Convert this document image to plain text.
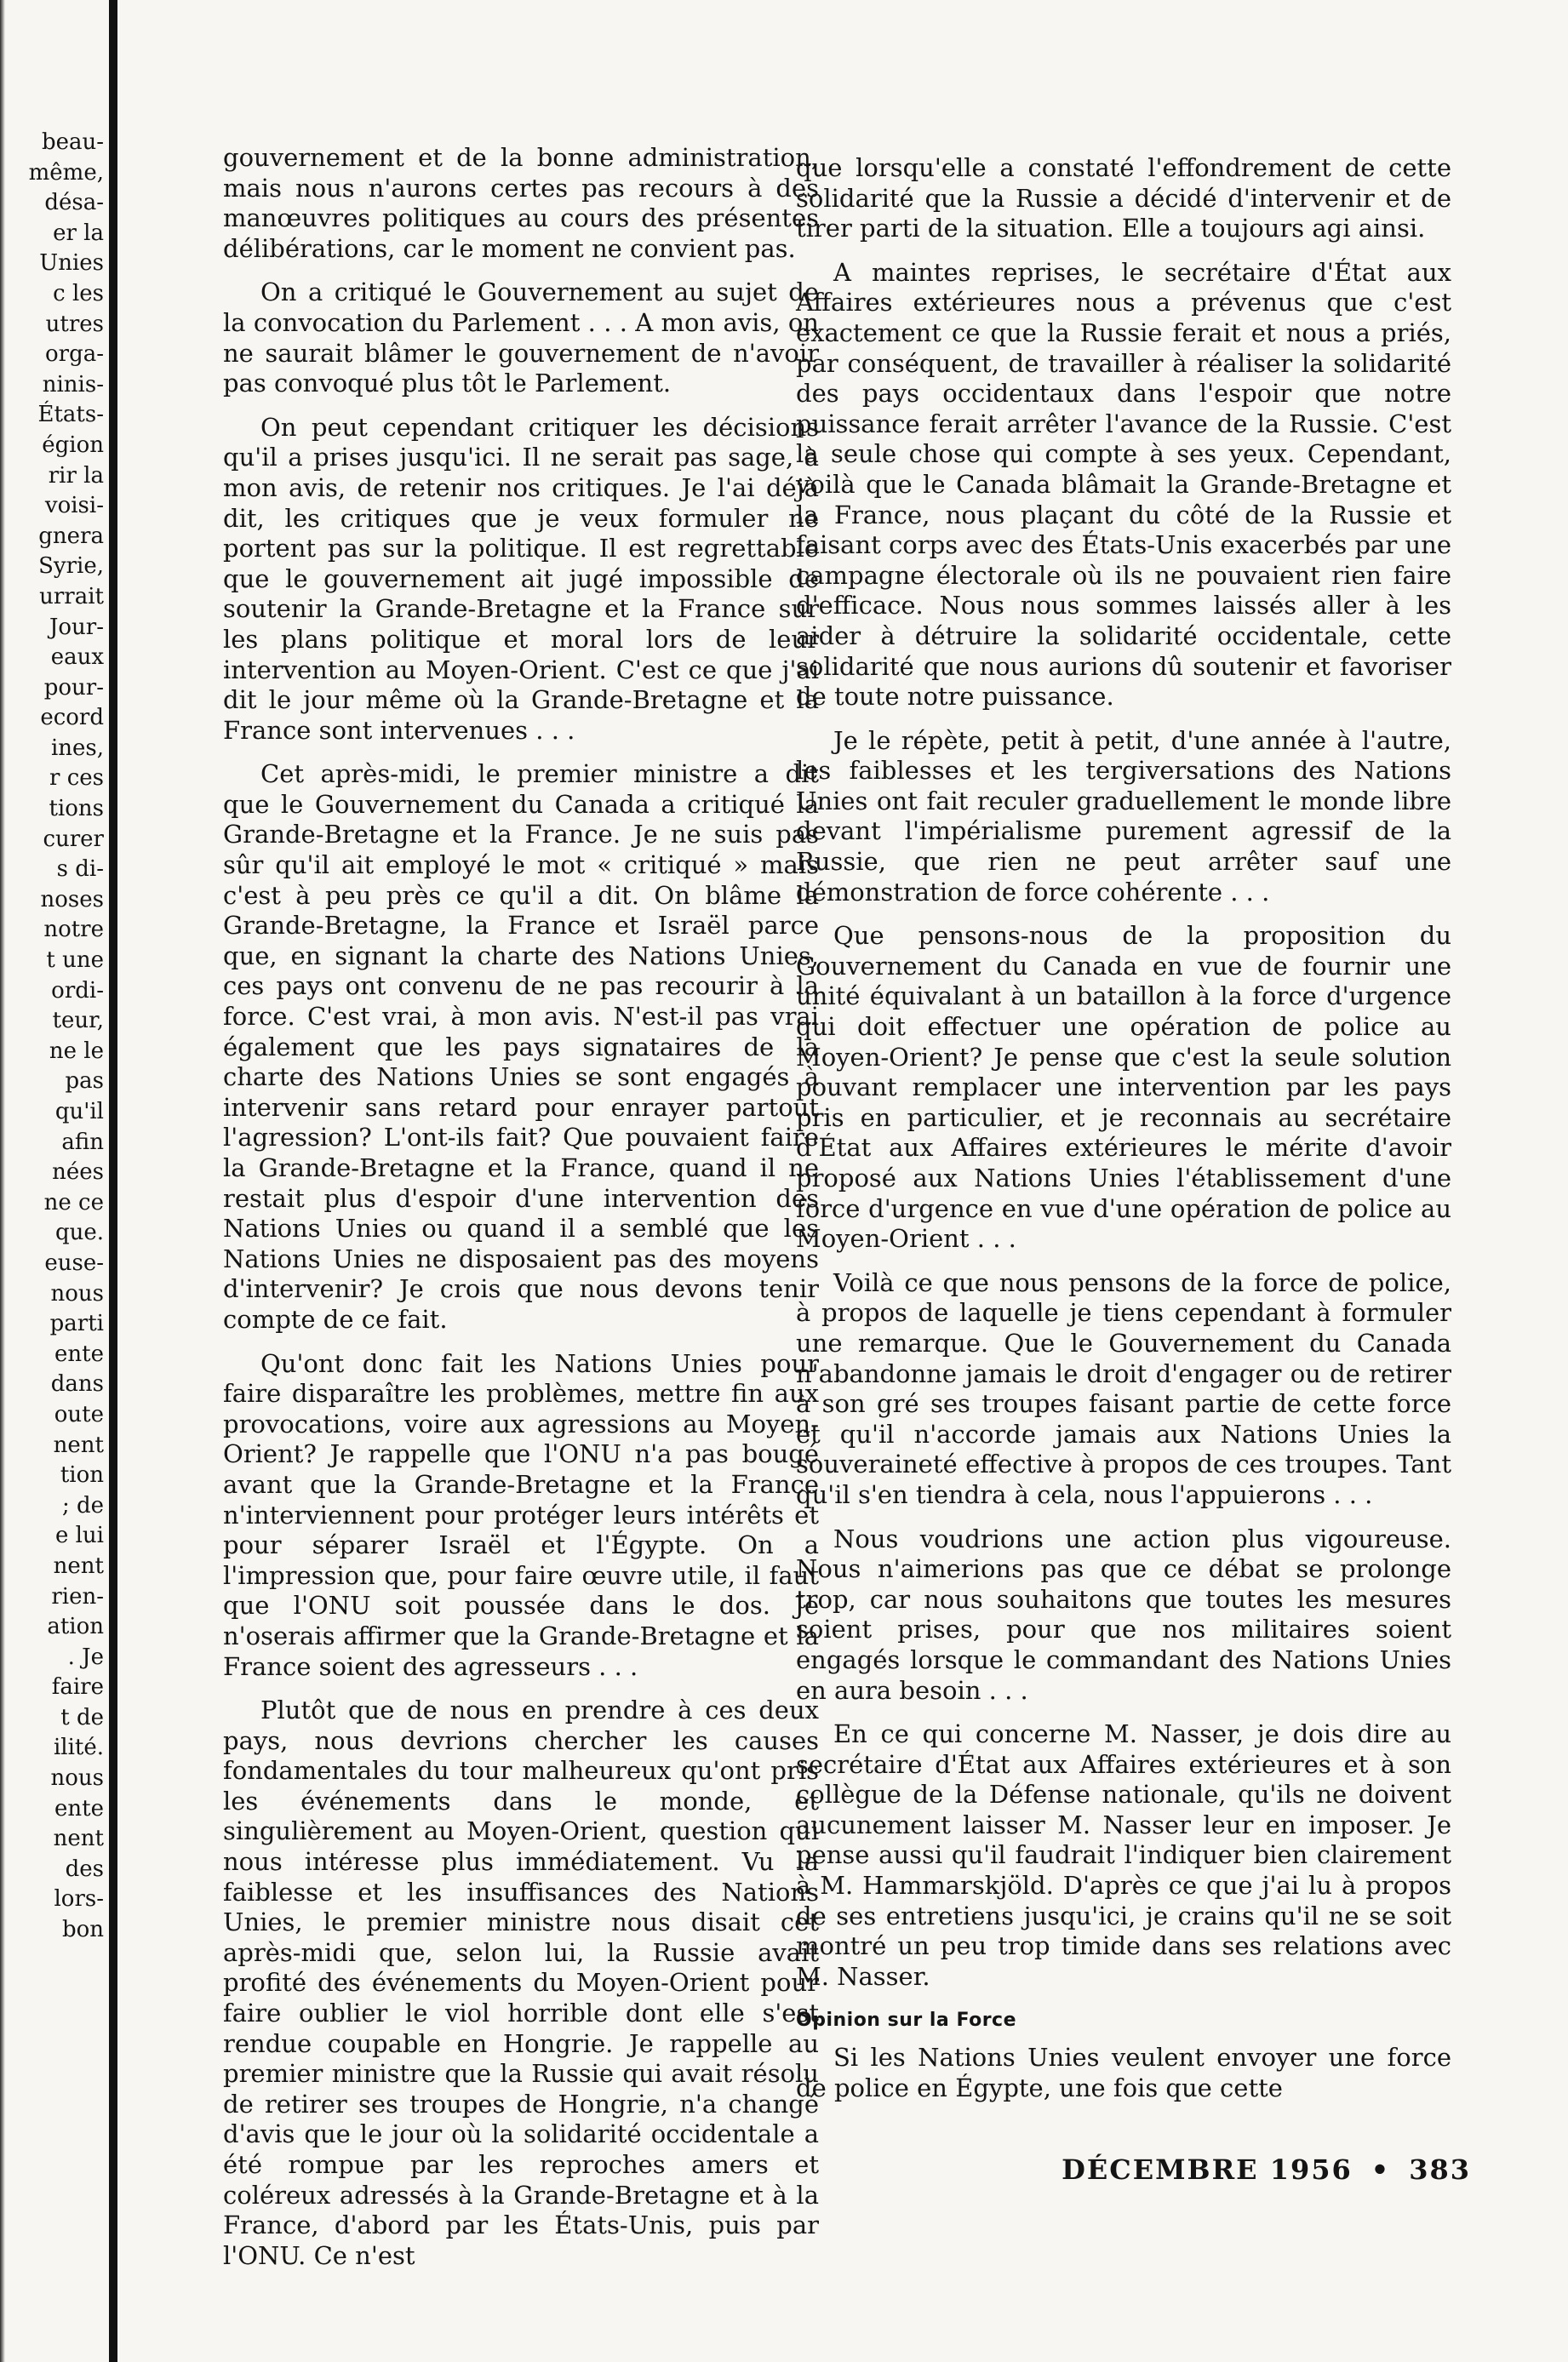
beau-
même,
désa-
er la
Unies
c les
utres
orga-
ninis-
États-
égion
rir la
voisi-
gnera
Syrie,
urrait
Jour-
eaux
pour-
ecord
ines,
r ces
tions
curer
s di-
noses
notre
t une
ordi-
teur,
ne le
pas
qu'il
afin
nées
ne ce
que.
euse-
nous
parti
ente
dans
oute
nent
tion
; de
e lui
nent
rien-
ation
. Je
faire
t de
ilité.
nous
ente
nent
des
lors-
bon

gouvernement et de la bonne administration, mais nous n'aurons certes pas recours à des manœuvres politiques au cours des présentes délibérations, car le moment ne convient pas.

On a critiqué le Gouvernement au sujet de la convocation du Parlement . . . A mon avis, on ne saurait blâmer le gouvernement de n'avoir pas convoqué plus tôt le Parlement.

On peut cependant critiquer les décisions qu'il a prises jusqu'ici. Il ne serait pas sage, à mon avis, de retenir nos critiques. Je l'ai déjà dit, les critiques que je veux formuler ne portent pas sur la politique. Il est regrettable que le gouvernement ait jugé impossible de soutenir la Grande-Bretagne et la France sur les plans politique et moral lors de leur intervention au Moyen-Orient. C'est ce que j'ai dit le jour même où la Grande-Bretagne et la France sont intervenues . . .

Cet après-midi, le premier ministre a dit que le Gouvernement du Canada a critiqué la Grande-Bretagne et la France. Je ne suis pas sûr qu'il ait employé le mot « critiqué » mais c'est à peu près ce qu'il a dit. On blâme la Grande-Bretagne, la France et Israël parce que, en signant la charte des Nations Unies, ces pays ont convenu de ne pas recourir à la force. C'est vrai, à mon avis. N'est-il pas vrai également que les pays signataires de la charte des Nations Unies se sont engagés à intervenir sans retard pour enrayer partout l'agression? L'ont-ils fait? Que pouvaient faire la Grande-Bretagne et la France, quand il ne restait plus d'espoir d'une intervention des Nations Unies ou quand il a semblé que les Nations Unies ne disposaient pas des moyens d'intervenir? Je crois que nous devons tenir compte de ce fait.

Qu'ont donc fait les Nations Unies pour faire disparaître les problèmes, mettre fin aux provocations, voire aux agressions au Moyen-Orient? Je rappelle que l'ONU n'a pas bougé avant que la Grande-Bretagne et la France n'interviennent pour protéger leurs intérêts et pour séparer Israël et l'Égypte. On a l'impression que, pour faire œuvre utile, il faut que l'ONU soit poussée dans le dos. Je n'oserais affirmer que la Grande-Bretagne et la France soient des agresseurs . . .

Plutôt que de nous en prendre à ces deux pays, nous devrions chercher les causes fondamentales du tour malheureux qu'ont pris les événements dans le monde, et singulièrement au Moyen-Orient, question qui nous intéresse plus immédiatement. Vu la faiblesse et les insuffisances des Nations Unies, le premier ministre nous disait cet après-midi que, selon lui, la Russie avait profité des événements du Moyen-Orient pour faire oublier le viol horrible dont elle s'est rendue coupable en Hongrie. Je rappelle au premier ministre que la Russie qui avait résolu de retirer ses troupes de Hongrie, n'a changé d'avis que le jour où la solidarité occidentale a été rompue par les reproches amers et coléreux adressés à la Grande-Bretagne et à la France, d'abord par les États-Unis, puis par l'ONU. Ce n'est

que lorsqu'elle a constaté l'effondrement de cette solidarité que la Russie a décidé d'intervenir et de tirer parti de la situation. Elle a toujours agi ainsi.

A maintes reprises, le secrétaire d'État aux Affaires extérieures nous a prévenus que c'est exactement ce que la Russie ferait et nous a priés, par conséquent, de travailler à réaliser la solidarité des pays occidentaux dans l'espoir que notre puissance ferait arrêter l'avance de la Russie. C'est la seule chose qui compte à ses yeux. Cependant, voilà que le Canada blâmait la Grande-Bretagne et la France, nous plaçant du côté de la Russie et faisant corps avec des États-Unis exacerbés par une campagne électorale où ils ne pouvaient rien faire d'efficace. Nous nous sommes laissés aller à les aider à détruire la solidarité occidentale, cette solidarité que nous aurions dû soutenir et favoriser de toute notre puissance.

Je le répète, petit à petit, d'une année à l'autre, les faiblesses et les tergiversations des Nations Unies ont fait reculer graduellement le monde libre devant l'impérialisme purement agressif de la Russie, que rien ne peut arrêter sauf une démonstration de force cohérente . . .

Que pensons-nous de la proposition du Gouvernement du Canada en vue de fournir une unité équivalant à un bataillon à la force d'urgence qui doit effectuer une opération de police au Moyen-Orient? Je pense que c'est la seule solution pouvant remplacer une intervention par les pays pris en particulier, et je reconnais au secrétaire d'État aux Affaires extérieures le mérite d'avoir proposé aux Nations Unies l'établissement d'une force d'urgence en vue d'une opération de police au Moyen-Orient . . .

Voilà ce que nous pensons de la force de police, à propos de laquelle je tiens cependant à formuler une remarque. Que le Gouvernement du Canada n'abandonne jamais le droit d'engager ou de retirer à son gré ses troupes faisant partie de cette force et qu'il n'accorde jamais aux Nations Unies la souveraineté effective à propos de ces troupes. Tant qu'il s'en tiendra à cela, nous l'appuierons . . .

Nous voudrions une action plus vigoureuse. Nous n'aimerions pas que ce débat se prolonge trop, car nous souhaitons que toutes les mesures soient prises, pour que nos militaires soient engagés lorsque le commandant des Nations Unies en aura besoin . . .

En ce qui concerne M. Nasser, je dois dire au secrétaire d'État aux Affaires extérieures et à son collègue de la Défense nationale, qu'ils ne doivent aucunement laisser M. Nasser leur en imposer. Je pense aussi qu'il faudrait l'indiquer bien clairement à M. Hammarskjöld. D'après ce que j'ai lu à propos de ses entretiens jusqu'ici, je crains qu'il ne se soit montré un peu trop timide dans ses relations avec M. Nasser.

Opinion sur la Force

Si les Nations Unies veulent envoyer une force de police en Égypte, une fois que cette

DÉCEMBRE 1956 • 383
